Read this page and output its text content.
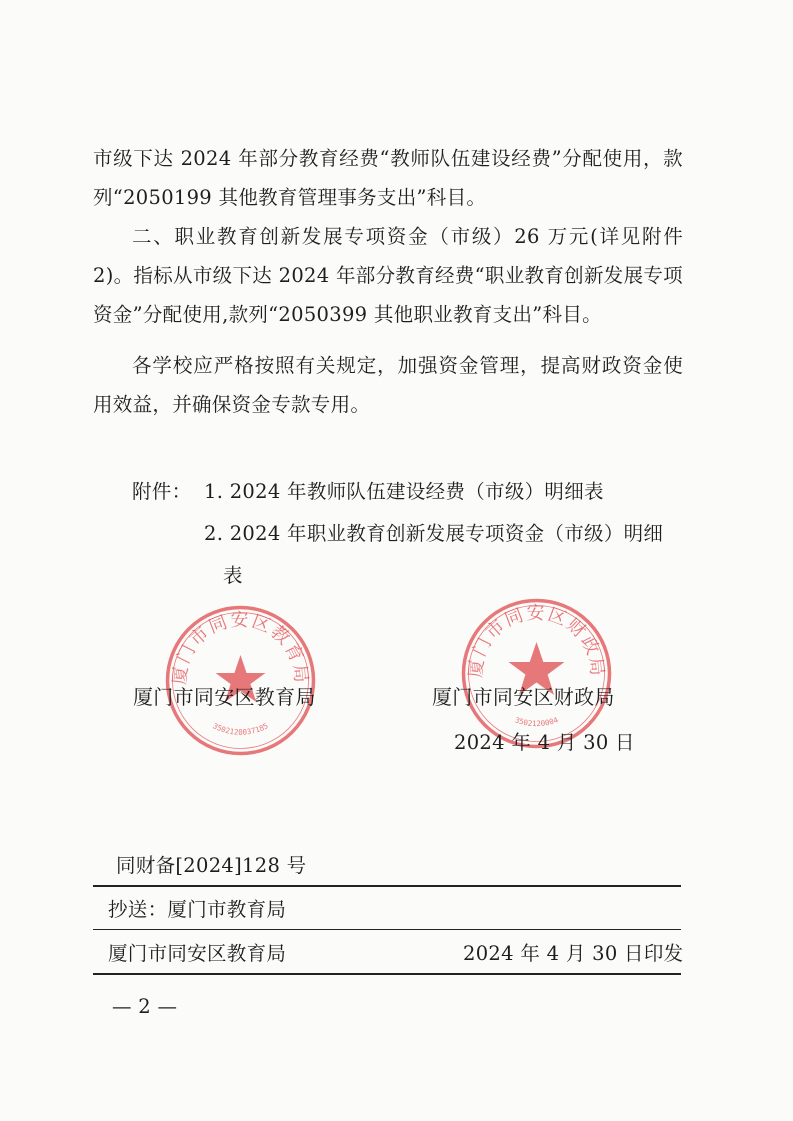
市级下达 2024 年部分教育经费“教师队伍建设经费”分配使用，款列“2050199 其他教育管理事务支出”科目。

二、职业教育创新发展专项资金（市级）26 万元(详见附件 2)。指标从市级下达 2024 年部分教育经费“职业教育创新发展专项资金”分配使用,款列“2050399 其他职业教育支出”科目。

各学校应严格按照有关规定，加强资金管理，提高财政资金使用效益，并确保资金专款专用。

附件： 1. 2024 年教师队伍建设经费（市级）明细表
2. 2024 年职业教育创新发展专项资金（市级）明细
表
厦门市同安区教育局
3502120037185
厦门市同安区财政局
3502120004
厦门市同安区教育局	厦门市同安区财政局
2024 年 4 月 30 日
同财备[2024]128 号
抄送：厦门市教育局
厦门市同安区教育局	2024 年 4 月 30 日印发
— 2 —
